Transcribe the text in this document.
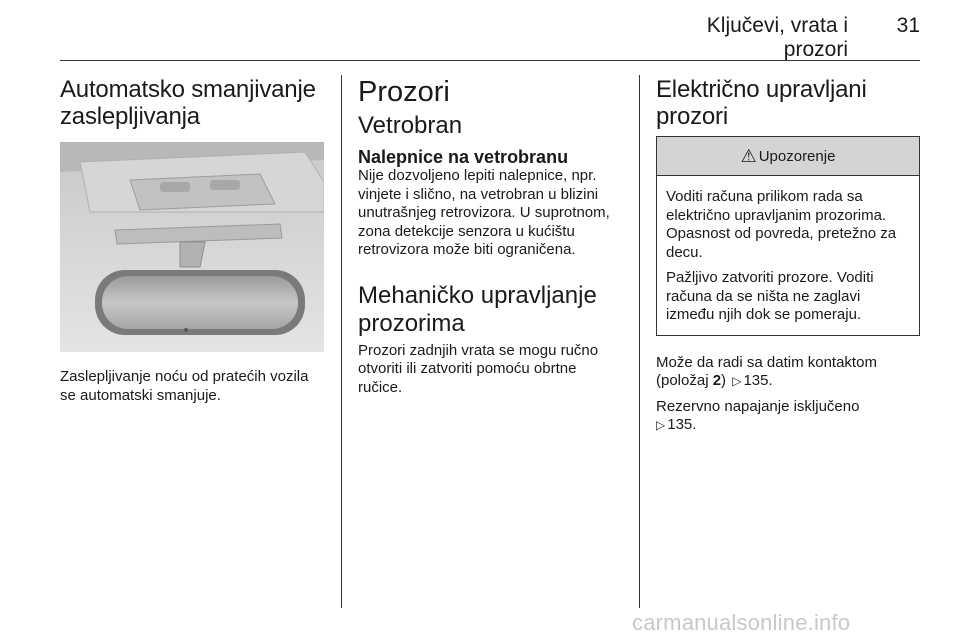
Ključevi, vrata i prozori
31
Automatsko smanjivanje zaslepljivanja

Zaslepljivanje noću od pratećih vozila se automatski smanjuje.

Prozori
Vetrobran
Nalepnice na vetrobranu

Nije dozvoljeno lepiti nalepnice, npr. vinjete i slično, na vetrobran u blizini unutrašnjeg retrovizora. U suprotnom, zona detekcije senzora u kućištu retrovizora može biti ograničena.

Mehaničko upravljanje prozorima

Prozori zadnjih vrata se mogu ručno otvoriti ili zatvoriti pomoću obrtne ručice.

Električno upravljani prozori
⚠ Upozorenje

Voditi računa prilikom rada sa električno upravljanim prozorima. Opasnost od povreda, pretežno za decu.

Pažljivo zatvoriti prozore. Voditi računa da se ništa ne zaglavi između njih dok se pomeraju.

Može da radi sa datim kontaktom (položaj 2) ▷ 135.

Rezervno napajanje isključeno
▷ 135.

carmanualsonline.info
